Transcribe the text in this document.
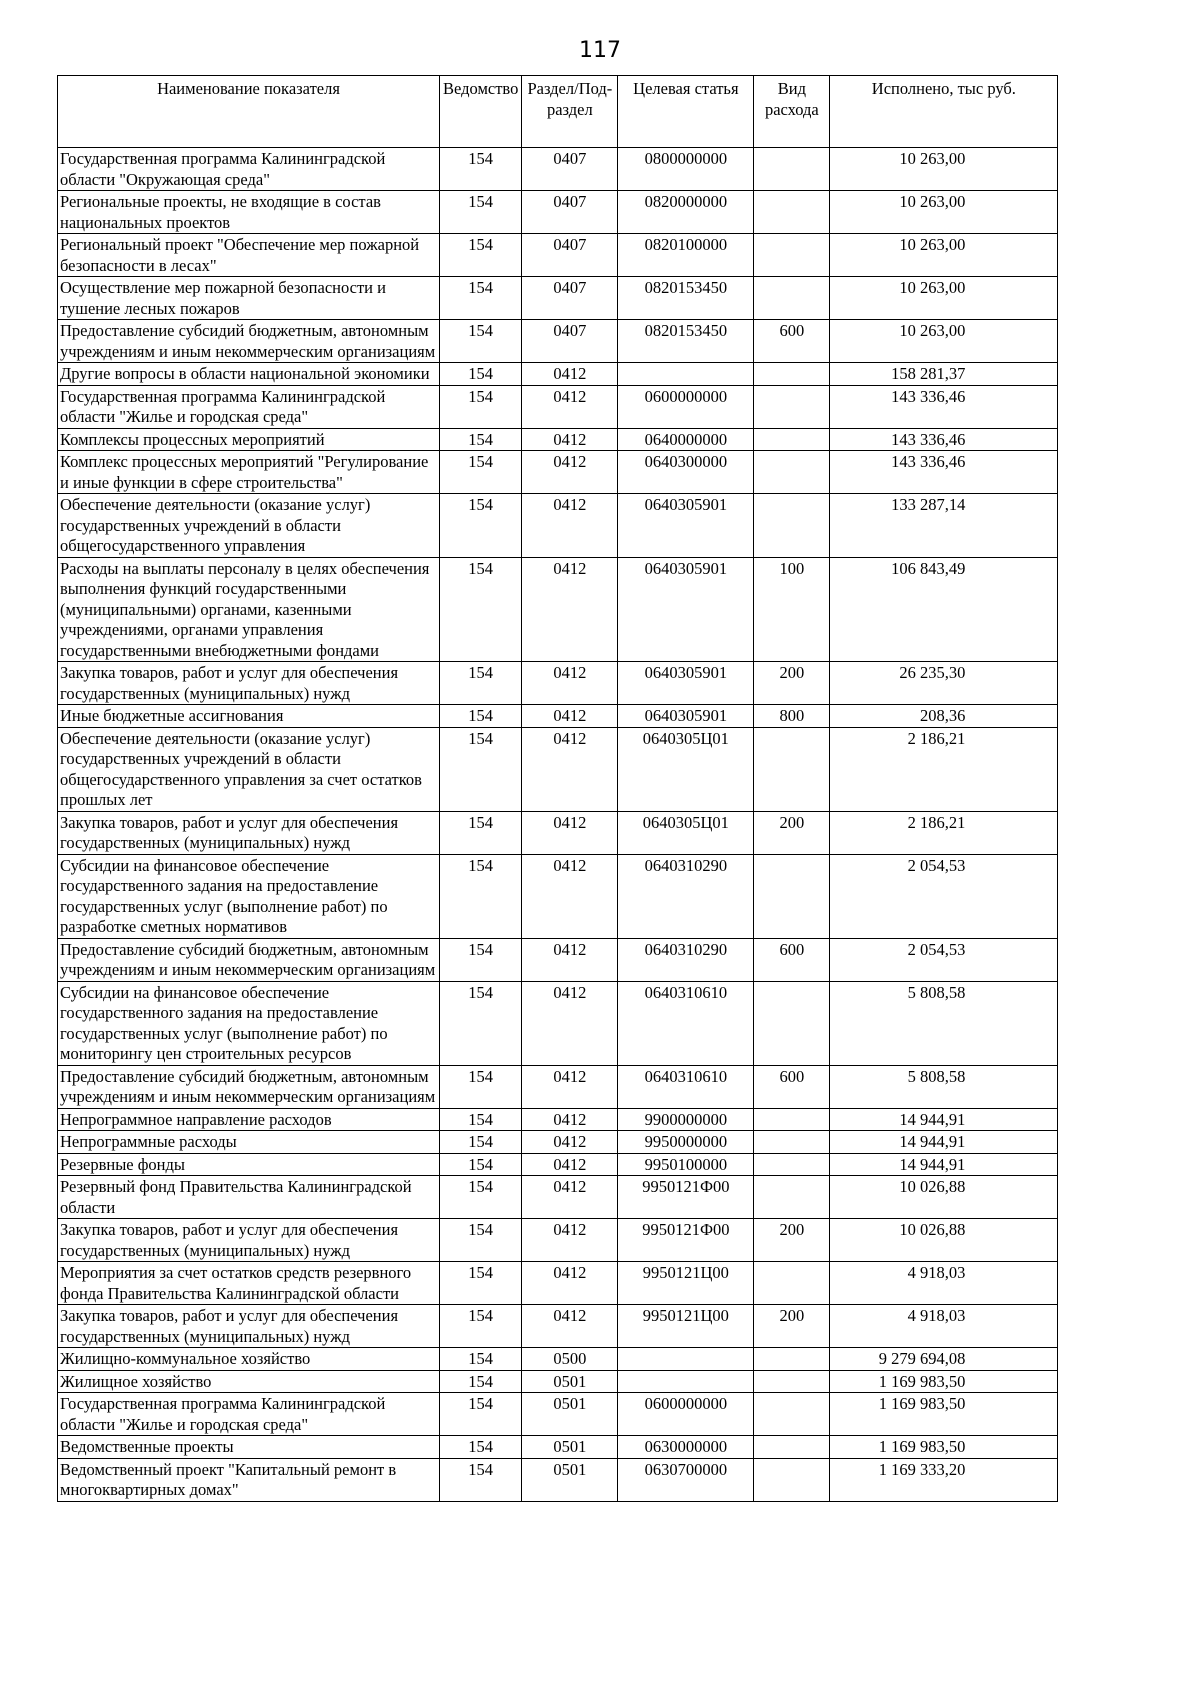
117
Наименование показателя	Ведомство	Раздел/Под-раздел	Целевая статья	Вид расхода	Исполнено, тыс руб.
Государственная программа Калининградской области "Окружающая среда"	154	0407	0800000000		10 263,00
Региональные проекты, не входящие в состав национальных проектов	154	0407	0820000000		10 263,00
Региональный проект "Обеспечение мер пожарной безопасности в лесах"	154	0407	0820100000		10 263,00
Осуществление мер пожарной безопасности и тушение лесных пожаров	154	0407	0820153450		10 263,00
Предоставление субсидий бюджетным, автономным учреждениям и иным некоммерческим организациям	154	0407	0820153450	600	10 263,00
Другие вопросы в области национальной экономики	154	0412			158 281,37
Государственная программа Калининградской области "Жилье и городская среда"	154	0412	0600000000		143 336,46
Комплексы процессных мероприятий	154	0412	0640000000		143 336,46
Комплекс процессных мероприятий "Регулирование и иные функции в сфере строительства"	154	0412	0640300000		143 336,46
Обеспечение деятельности (оказание услуг) государственных учреждений в области общегосударственного управления	154	0412	0640305901		133 287,14
Расходы на выплаты персоналу в целях обеспечения выполнения функций государственными (муниципальными) органами, казенными учреждениями, органами управления государственными внебюджетными фондами	154	0412	0640305901	100	106 843,49
Закупка товаров, работ и услуг для обеспечения государственных (муниципальных) нужд	154	0412	0640305901	200	26 235,30
Иные бюджетные ассигнования	154	0412	0640305901	800	208,36
Обеспечение деятельности (оказание услуг) государственных учреждений в области общегосударственного управления за счет остатков прошлых лет	154	0412	0640305Ц01		2 186,21
Закупка товаров, работ и услуг для обеспечения государственных (муниципальных) нужд	154	0412	0640305Ц01	200	2 186,21
Субсидии на финансовое обеспечение государственного задания на предоставление государственных услуг (выполнение работ) по разработке сметных нормативов	154	0412	0640310290		2 054,53
Предоставление субсидий бюджетным, автономным учреждениям и иным некоммерческим организациям	154	0412	0640310290	600	2 054,53
Субсидии на финансовое обеспечение государственного задания на предоставление государственных услуг (выполнение работ) по мониторингу цен строительных ресурсов	154	0412	0640310610		5 808,58
Предоставление субсидий бюджетным, автономным учреждениям и иным некоммерческим организациям	154	0412	0640310610	600	5 808,58
Непрограммное направление расходов	154	0412	9900000000		14 944,91
Непрограммные расходы	154	0412	9950000000		14 944,91
Резервные фонды	154	0412	9950100000		14 944,91
Резервный фонд Правительства Калининградской области	154	0412	9950121Ф00		10 026,88
Закупка товаров, работ и услуг для обеспечения государственных (муниципальных) нужд	154	0412	9950121Ф00	200	10 026,88
Мероприятия за счет остатков средств резервного фонда Правительства Калининградской области	154	0412	9950121Ц00		4 918,03
Закупка товаров, работ и услуг для обеспечения государственных (муниципальных) нужд	154	0412	9950121Ц00	200	4 918,03
Жилищно-коммунальное хозяйство	154	0500			9 279 694,08
Жилищное хозяйство	154	0501			1 169 983,50
Государственная программа Калининградской области "Жилье и городская среда"	154	0501	0600000000		1 169 983,50
Ведомственные проекты	154	0501	0630000000		1 169 983,50
Ведомственный проект "Капитальный ремонт в многоквартирных домах"	154	0501	0630700000		1 169 333,20
